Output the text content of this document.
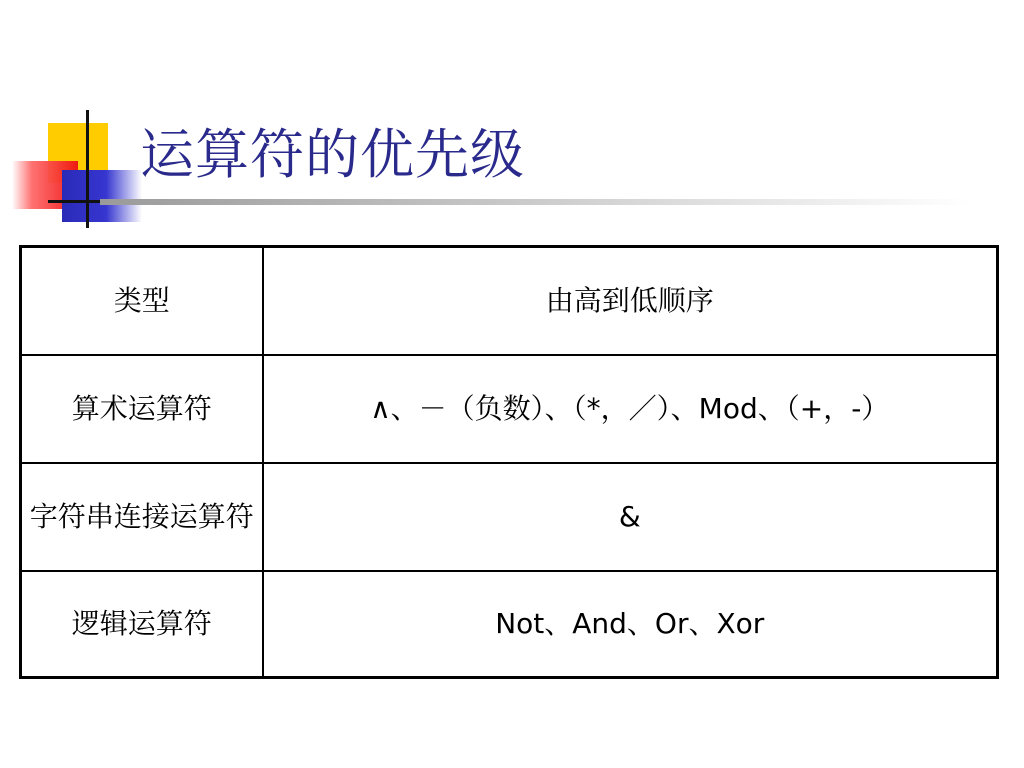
运算符的优先级
类型	由高到低顺序
算术运算符	∧、－（负数）、（*，／）、Mod、（+，-）
字符串连接运算符	&
逻辑运算符	Not、And、Or、Xor
